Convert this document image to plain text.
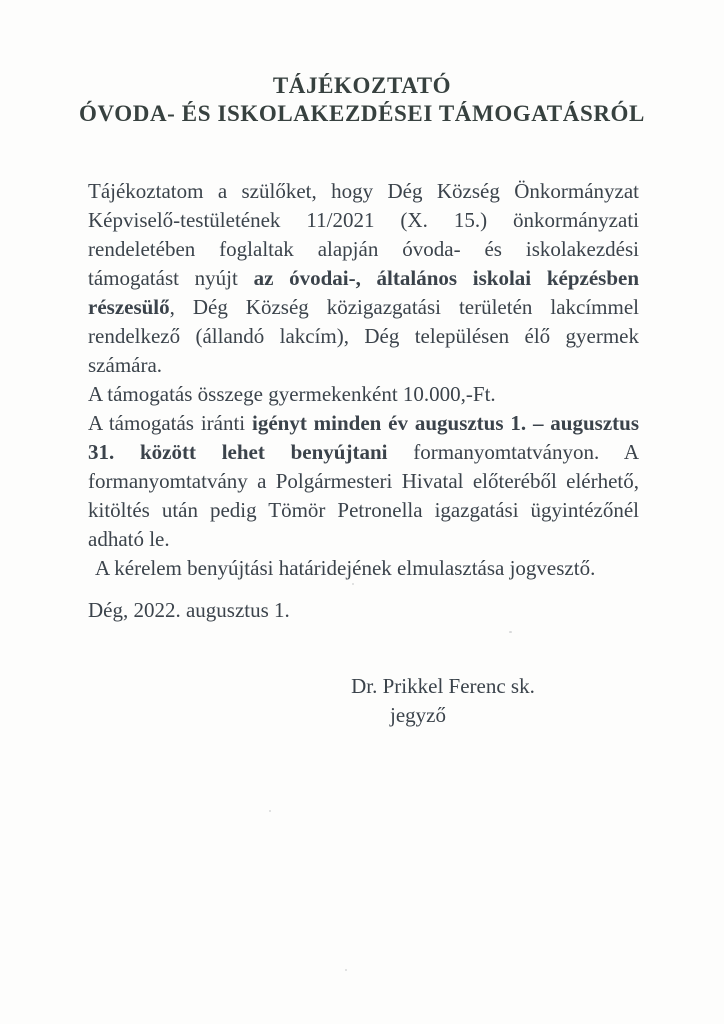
TÁJÉKOZTATÓ
ÓVODA- ÉS ISKOLAKEZDÉSEI TÁMOGATÁSRÓL
Tájékoztatom a szülőket, hogy Dég Község Önkormányzat
Képviselő-testületének 11/2021 (X. 15.) önkormányzati
rendeletében foglaltak alapján óvoda- és iskolakezdési
támogatást nyújt az óvodai-, általános iskolai képzésben
részesülő, Dég Község közigazgatási területén lakcímmel
rendelkező (állandó lakcím), Dég településen élő gyermek
számára.
A támogatás összege gyermekenként 10.000,-Ft.
A támogatás iránti igényt minden év augusztus 1. – augusztus
31. között lehet benyújtani formanyomtatványon. A
formanyomtatvány a Polgármesteri Hivatal előteréből elérhető,
kitöltés után pedig Tömör Petronella igazgatási ügyintézőnél
adható le.
A kérelem benyújtási határidejének elmulasztása jogvesztő.
Dég, 2022. augusztus 1.
Dr. Prikkel Ferenc sk.
jegyző
